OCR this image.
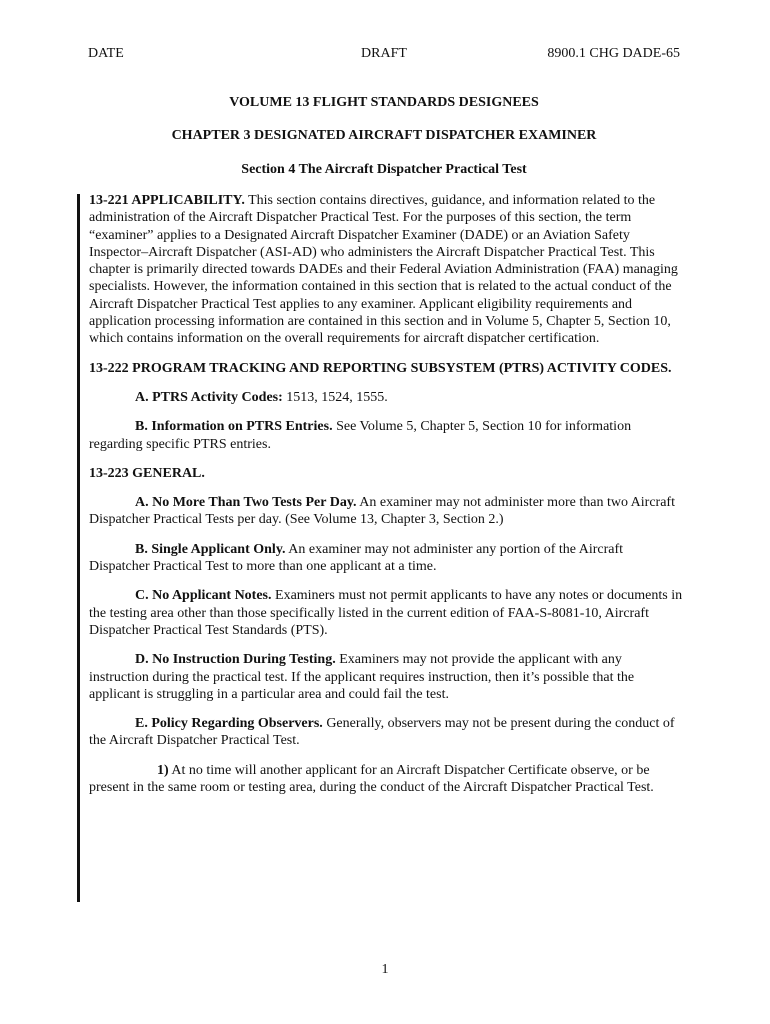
DATE	DRAFT	8900.1 CHG DADE-65
VOLUME 13 FLIGHT STANDARDS DESIGNEES
CHAPTER 3 DESIGNATED AIRCRAFT DISPATCHER EXAMINER
Section 4 The Aircraft Dispatcher Practical Test

13-221 APPLICABILITY. This section contains directives, guidance, and information related to the administration of the Aircraft Dispatcher Practical Test. For the purposes of this section, the term “examiner” applies to a Designated Aircraft Dispatcher Examiner (DADE) or an Aviation Safety Inspector–Aircraft Dispatcher (ASI-AD) who administers the Aircraft Dispatcher Practical Test. This chapter is primarily directed towards DADEs and their Federal Aviation Administration (FAA) managing specialists. However, the information contained in this section that is related to the actual conduct of the Aircraft Dispatcher Practical Test applies to any examiner. Applicant eligibility requirements and application processing information are contained in this section and in Volume 5, Chapter 5, Section 10, which contains information on the overall requirements for aircraft dispatcher certification.

13-222 PROGRAM TRACKING AND REPORTING SUBSYSTEM (PTRS) ACTIVITY CODES.

A. PTRS Activity Codes: 1513, 1524, 1555.

B. Information on PTRS Entries. See Volume 5, Chapter 5, Section 10 for information regarding specific PTRS entries.

13-223 GENERAL.

A. No More Than Two Tests Per Day. An examiner may not administer more than two Aircraft Dispatcher Practical Tests per day. (See Volume 13, Chapter 3, Section 2.)

B. Single Applicant Only. An examiner may not administer any portion of the Aircraft Dispatcher Practical Test to more than one applicant at a time.

C. No Applicant Notes. Examiners must not permit applicants to have any notes or documents in the testing area other than those specifically listed in the current edition of FAA-S-8081-10, Aircraft Dispatcher Practical Test Standards (PTS).

D. No Instruction During Testing. Examiners may not provide the applicant with any instruction during the practical test. If the applicant requires instruction, then it’s possible that the applicant is struggling in a particular area and could fail the test.

E. Policy Regarding Observers. Generally, observers may not be present during the conduct of the Aircraft Dispatcher Practical Test.

1) At no time will another applicant for an Aircraft Dispatcher Certificate observe, or be present in the same room or testing area, during the conduct of the Aircraft Dispatcher Practical Test.

1
